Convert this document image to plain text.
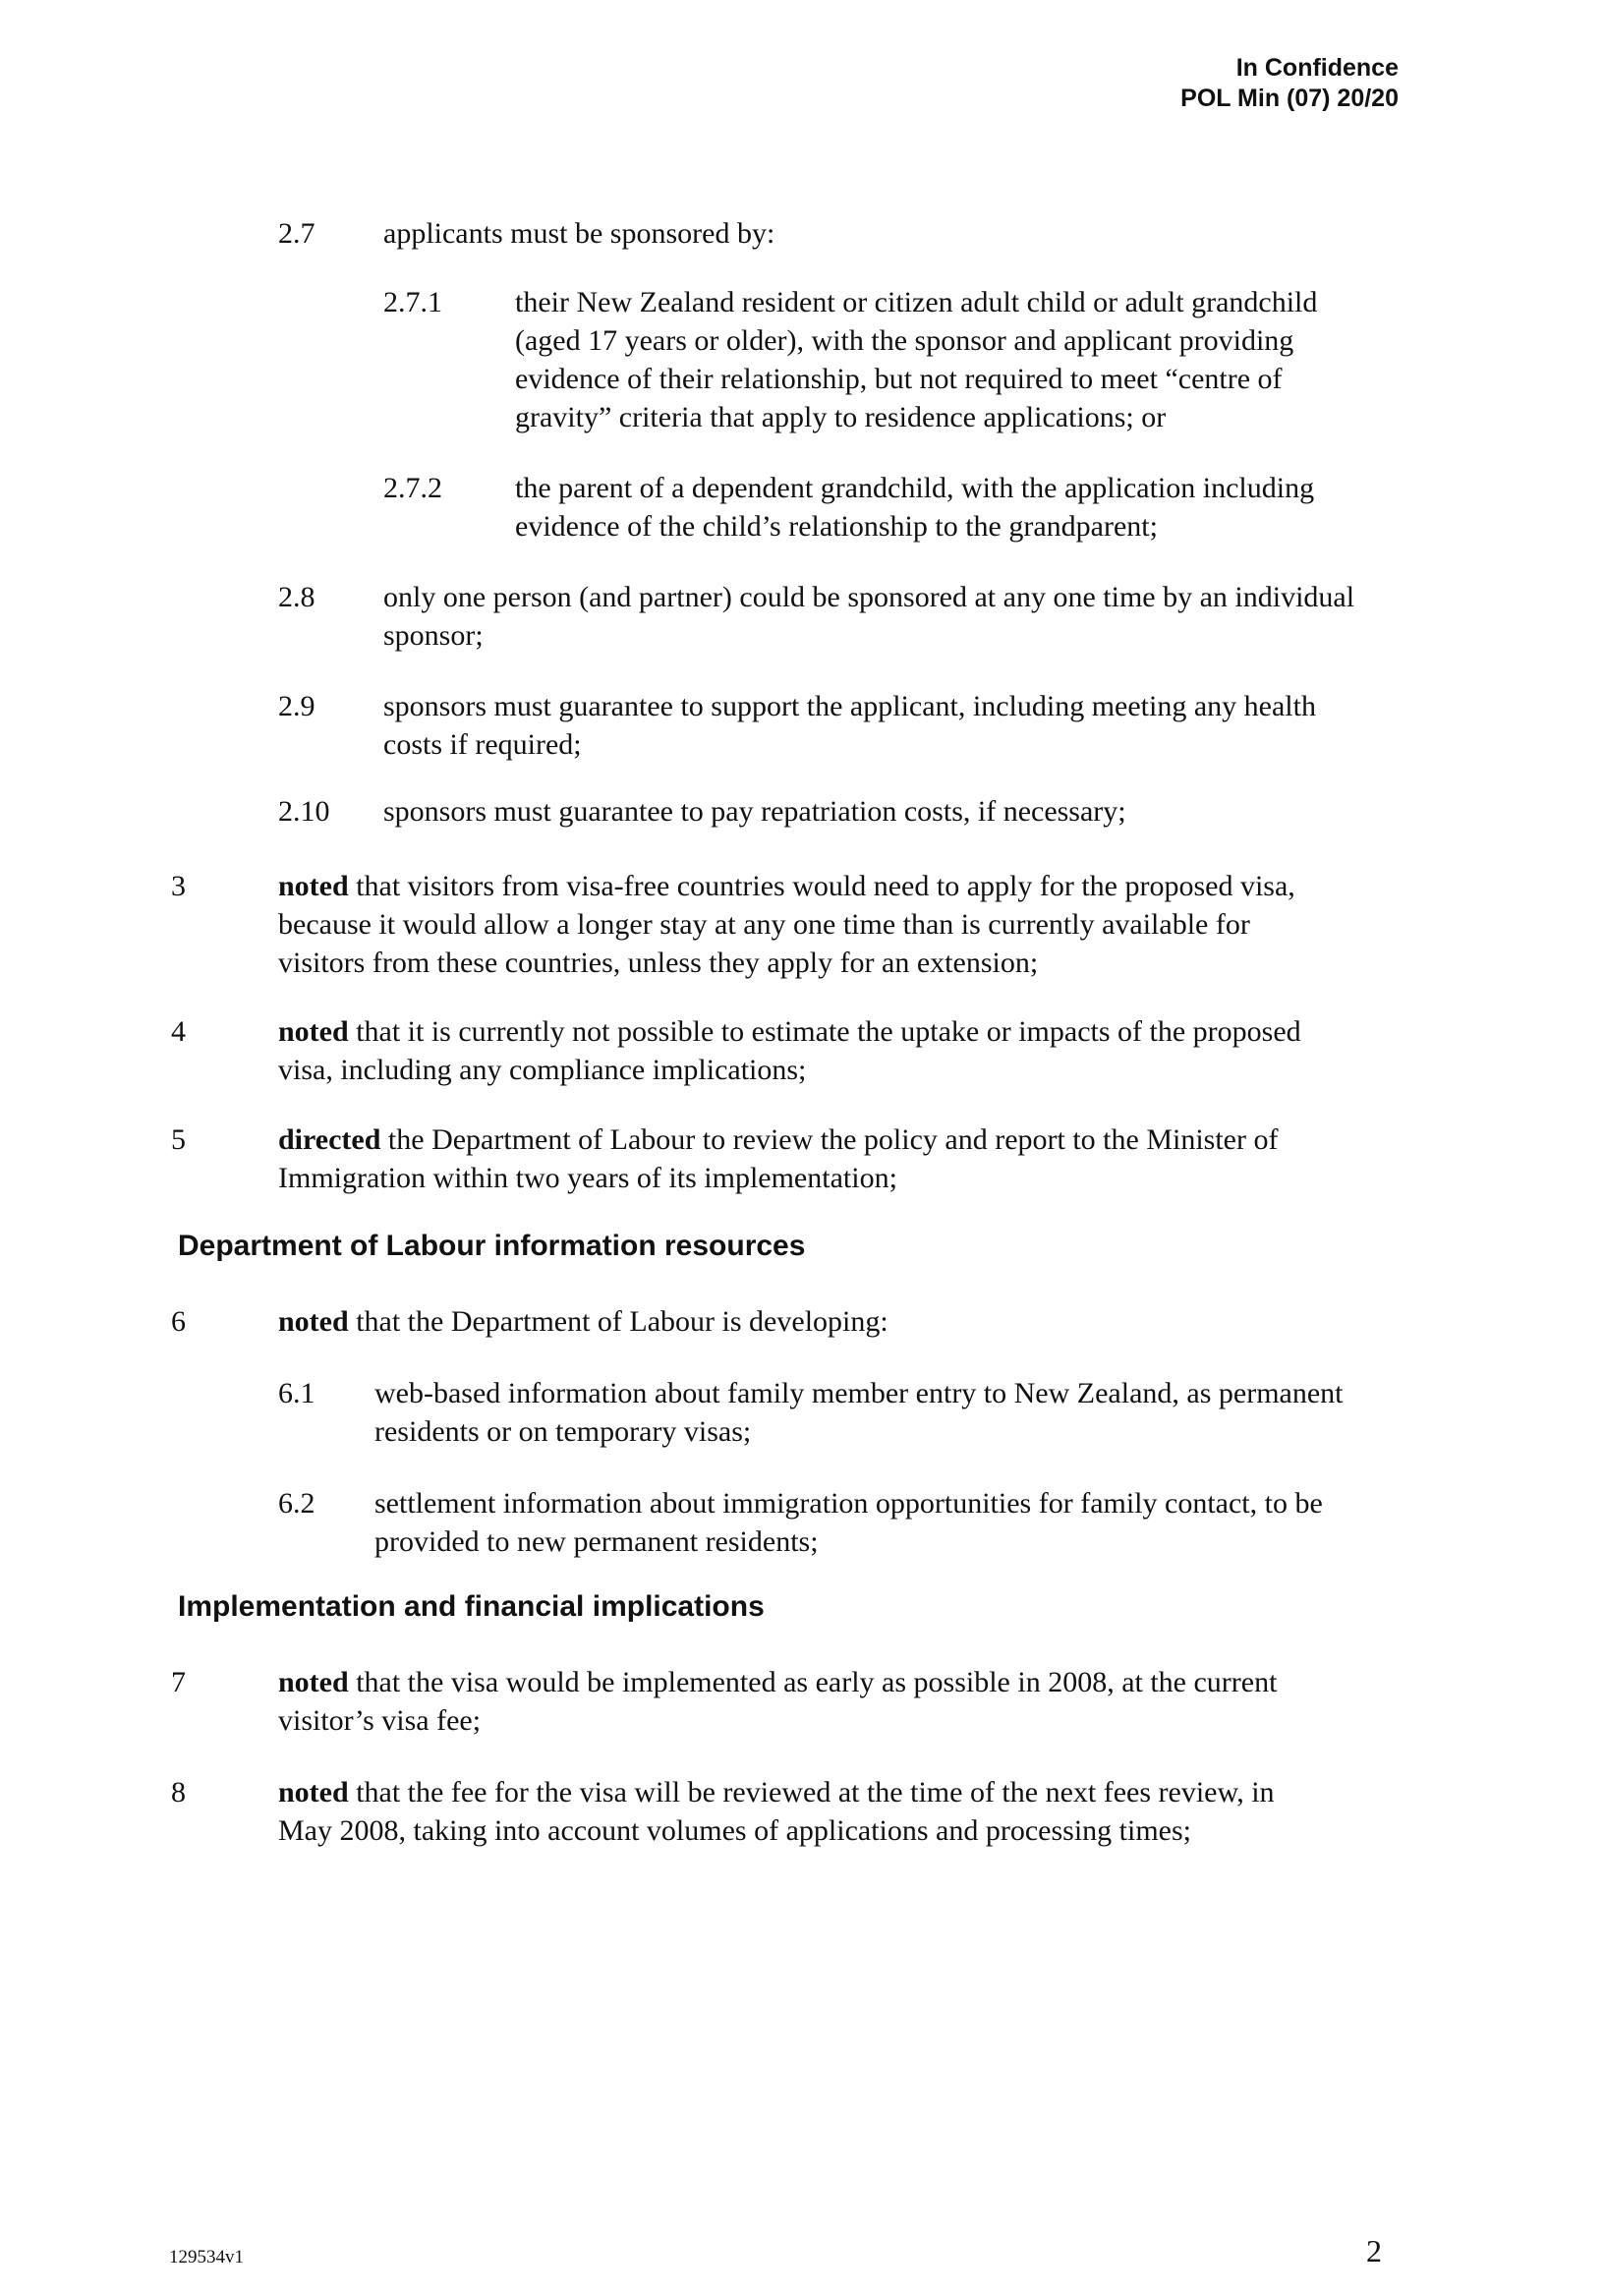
In Confidence
POL Min (07) 20/20
2.7 applicants must be sponsored by:
2.7.1 their New Zealand resident or citizen adult child or adult grandchild
(aged 17 years or older), with the sponsor and applicant providing
evidence of their relationship, but not required to meet “centre of
gravity” criteria that apply to residence applications; or
2.7.2 the parent of a dependent grandchild, with the application including
evidence of the child’s relationship to the grandparent;
2.8 only one person (and partner) could be sponsored at any one time by an individual
sponsor;
2.9 sponsors must guarantee to support the applicant, including meeting any health
costs if required;
2.10 sponsors must guarantee to pay repatriation costs, if necessary;
3	noted that visitors from visa-free countries would need to apply for the proposed visa,
because it would allow a longer stay at any one time than is currently available for
visitors from these countries, unless they apply for an extension;
4	noted that it is currently not possible to estimate the uptake or impacts of the proposed
visa, including any compliance implications;
5	directed the Department of Labour to review the policy and report to the Minister of
Immigration within two years of its implementation;
Department of Labour information resources
6	noted that the Department of Labour is developing:
6.1 web-based information about family member entry to New Zealand, as permanent
residents or on temporary visas;
6.2 settlement information about immigration opportunities for family contact, to be
provided to new permanent residents;
Implementation and financial implications
7	noted that the visa would be implemented as early as possible in 2008, at the current
visitor’s visa fee;
8	noted that the fee for the visa will be reviewed at the time of the next fees review, in
May 2008, taking into account volumes of applications and processing times;
129534v1	2
